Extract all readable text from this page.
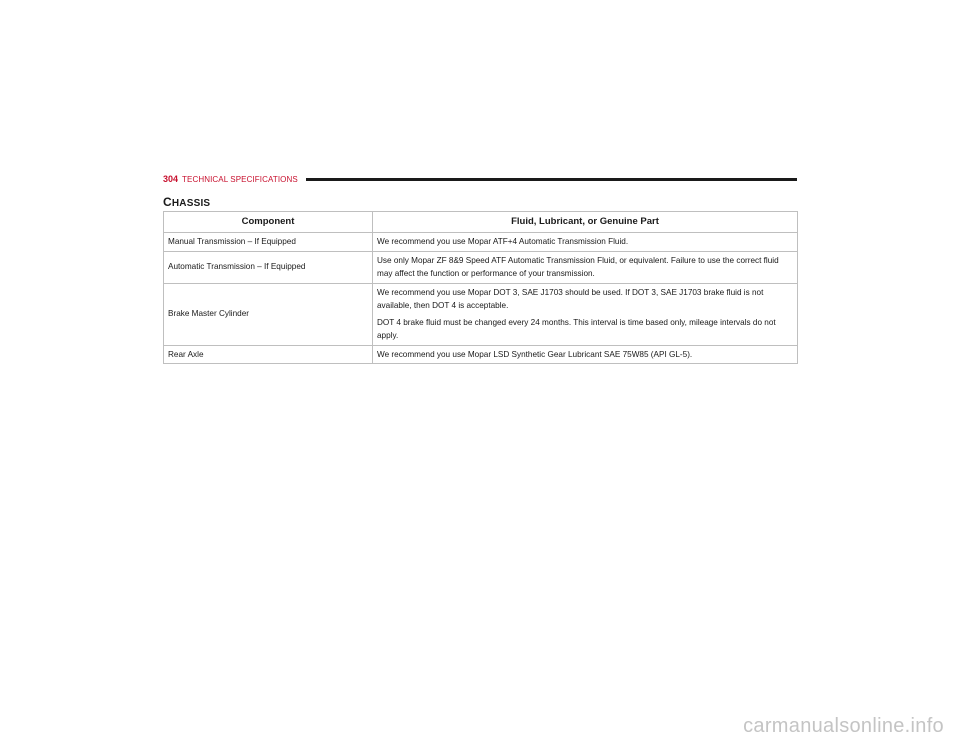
304 TECHNICAL SPECIFICATIONS
CHASSIS
Component	Fluid, Lubricant, or Genuine Part
Manual Transmission – If Equipped	We recommend you use Mopar ATF+4 Automatic Transmission Fluid.

Automatic Transmission – If Equipped	Use only Mopar ZF 8&9 Speed ATF Automatic Transmission Fluid, or equivalent. Failure to use the correct fluid may affect the function or performance of your transmission.

Brake Master Cylinder	We recommend you use Mopar DOT 3, SAE J1703 should be used. If DOT 3, SAE J1703 brake fluid is not available, then DOT 4 is acceptable.

DOT 4 brake fluid must be changed every 24 months. This interval is time based only, mileage intervals do not apply.

Rear Axle	We recommend you use Mopar LSD Synthetic Gear Lubricant SAE 75W85 (API GL-5).

carmanualsonline.info
